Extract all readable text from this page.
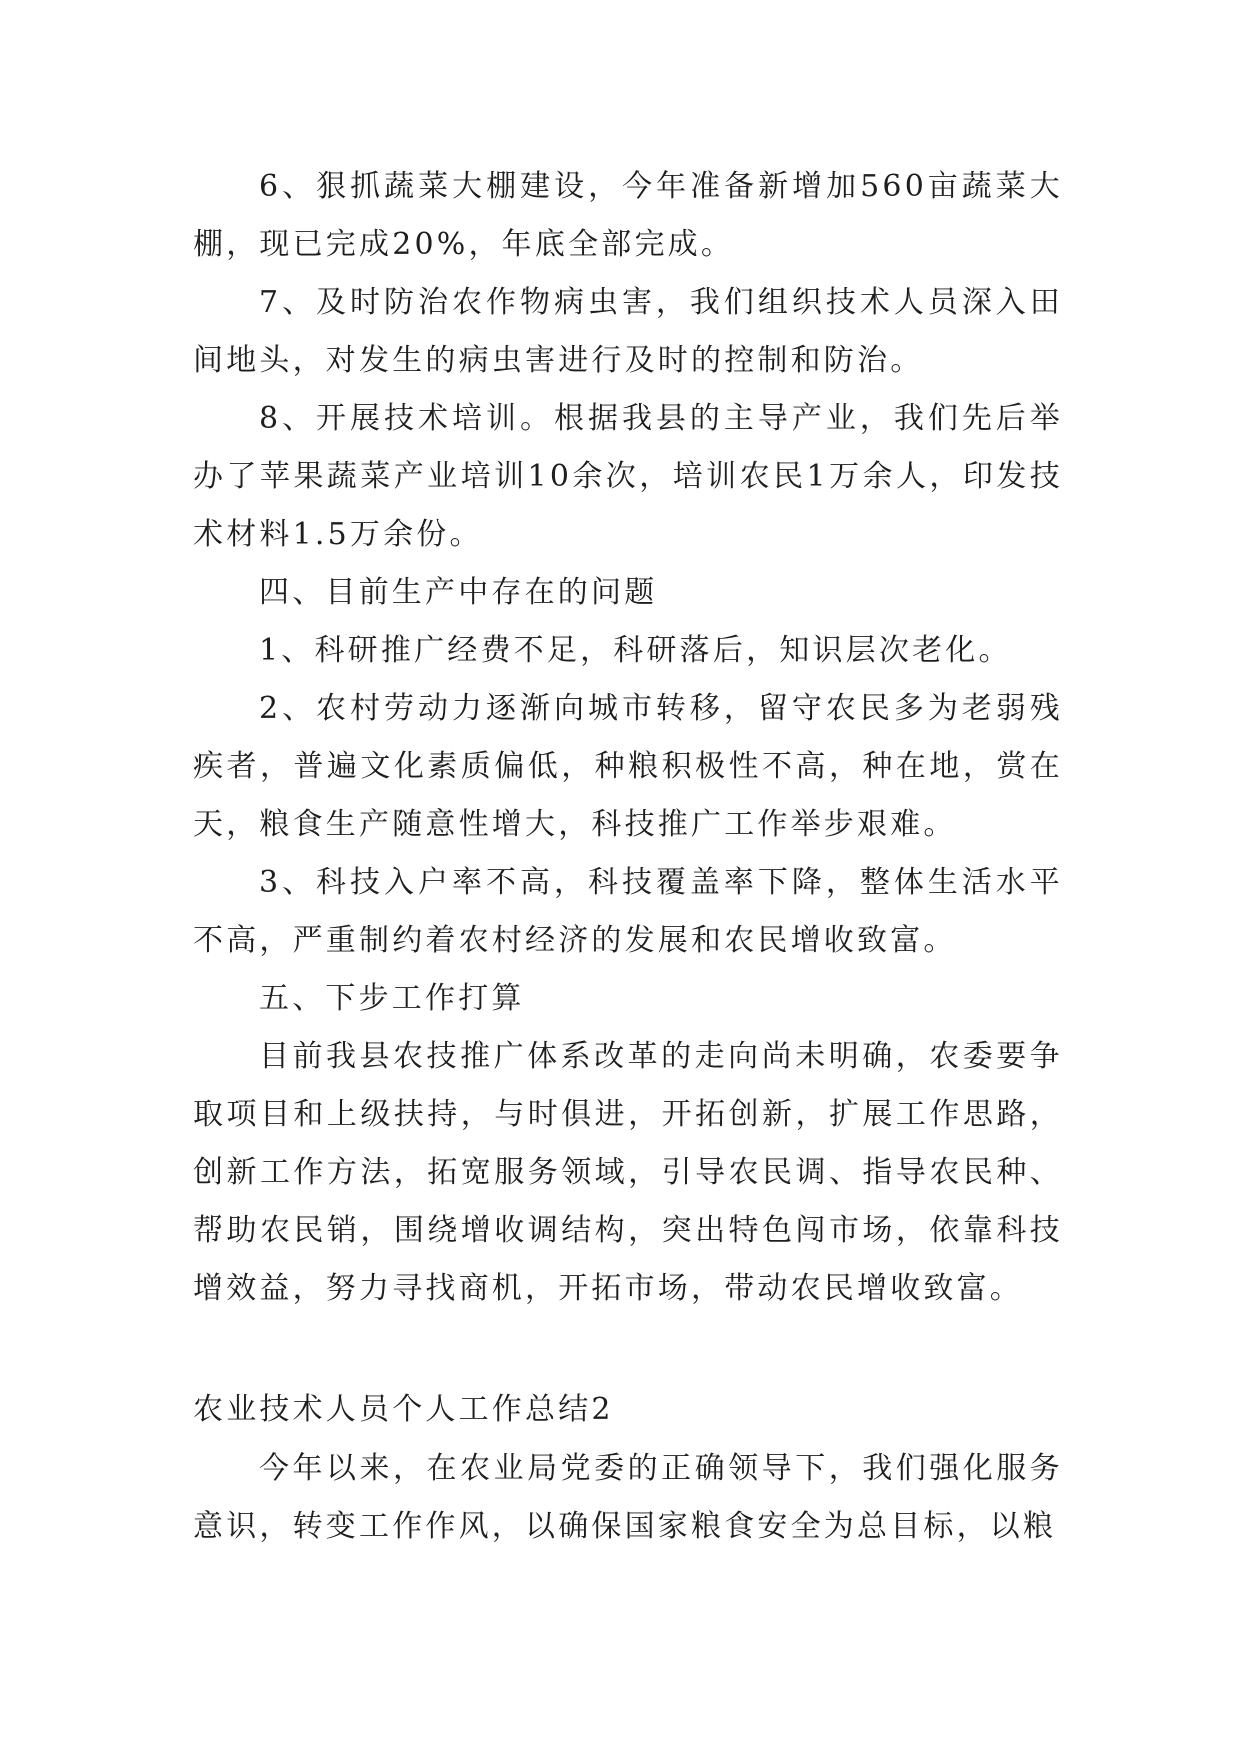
6、狠抓蔬菜大棚建设，今年准备新增加560亩蔬菜大棚，现已完成20%，年底全部完成。

7、及时防治农作物病虫害，我们组织技术人员深入田间地头，对发生的病虫害进行及时的控制和防治。

8、开展技术培训。根据我县的主导产业，我们先后举办了苹果蔬菜产业培训10余次，培训农民1万余人，印发技术材料1.5万余份。

四、目前生产中存在的问题

1、科研推广经费不足，科研落后，知识层次老化。

2、农村劳动力逐渐向城市转移，留守农民多为老弱残疾者，普遍文化素质偏低，种粮积极性不高，种在地，赏在天，粮食生产随意性增大，科技推广工作举步艰难。

3、科技入户率不高，科技覆盖率下降，整体生活水平不高，严重制约着农村经济的发展和农民增收致富。

五、下步工作打算

目前我县农技推广体系改革的走向尚未明确，农委要争取项目和上级扶持，与时俱进，开拓创新，扩展工作思路，创新工作方法，拓宽服务领域，引导农民调、指导农民种、帮助农民销，围绕增收调结构，突出特色闯市场，依靠科技增效益，努力寻找商机，开拓市场，带动农民增收致富。

农业技术人员个人工作总结2

今年以来，在农业局党委的正确领导下，我们强化服务意识，转变工作作风，以确保国家粮食安全为总目标，以粮
